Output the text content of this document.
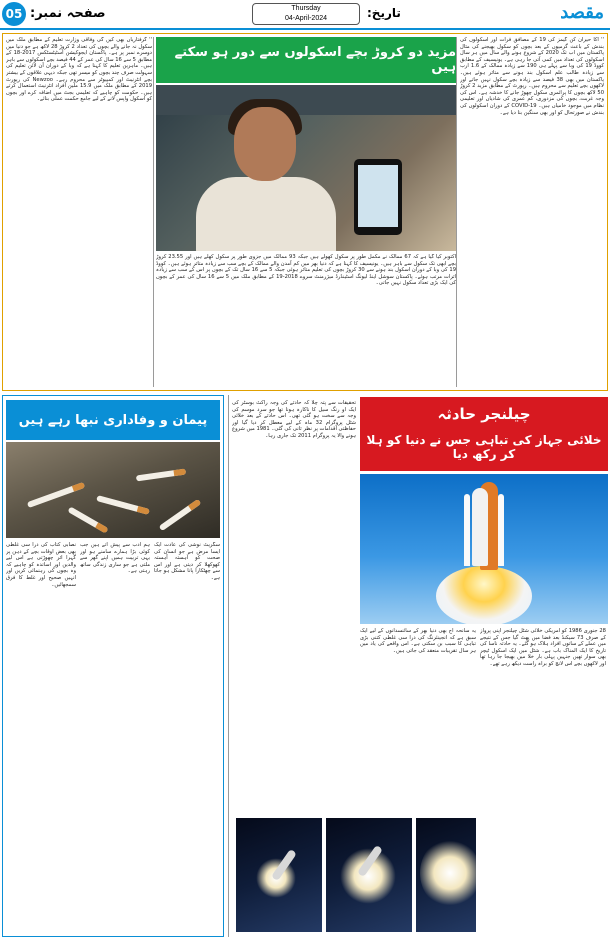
05 صفحہ نمبر:	Thursday
04-April-2024	تاریخ:	مقصد
مزید دو کروڑ بچے اسکولوں سے دور ہو سکتے ہیں
'' اکا حیران کن گیمز کی 19 کے مصافق فرات اور اسکولوں کی بندش کے باعث گرمیوں کے بعد بچوں کو سکول بھیجنے کی مثال پاکستان میں اب تک 2020 کے شروع ہونے والے سال میں ہر سال اسکولوں کی تعداد میں کمی آتی جا رہی ہے۔ یونیسیف کے مطابق کووڈ 19 کی وبا سے پہلے ہی 190 سے زیادہ ممالک کے 1.6 ارب سے زیادہ طالب علم اسکول بند ہونے سے متاثر ہوئے ہیں۔ پاکستان میں بھی 38 فیصد سے زیادہ بچے سکول نہیں جاتے اور لاکھوں بچے تعلیم سے محروم ہیں۔ رپورٹ کے مطابق مزید 2 کروڑ 50 لاکھ بچوں کا پرائمری سکول چھوڑ جانے کا خدشہ ہے۔ اس کی وجہ غربت، بچوں کی مزدوری، کم عمری کی شادیاں اور تعلیمی نظام میں موجود خامیاں ہیں۔ COVID-19 کے دوران اسکولوں کی بندش نے صورتحال کو اور بھی سنگین بنا دیا ہے۔
'' گرفتاریاں بھی کیں گی وفاقی وزارت تعلیم کے مطابق ملک میں سکول نہ جانے والے بچوں کی تعداد 2 کروڑ 28 لاکھ ہے جو دنیا میں دوسرے نمبر پر ہے۔ پاکستان ایجوکیشن اسٹیٹسٹکس 2017-18 کے مطابق 5 سے 16 سال کی عمر کے 44 فیصد بچے اسکولوں سے باہر ہیں۔ ماہرین تعلیم کا کہنا ہے کہ وبا کے دوران آن لائن تعلیم کی سہولت صرف چند بچوں کو میسر تھی جبکہ دیہی علاقوں کے بیشتر بچے انٹرنیٹ اور کمپیوٹر سے محروم رہے۔ Newzoo کی رپورٹ 2019 کے مطابق ملک میں 15.9 ملین افراد انٹرنیٹ استعمال کرتے ہیں۔ حکومت کو چاہیے کہ تعلیمی بجٹ میں اضافہ کرے اور بچوں کو اسکول واپس لانے کے لیے جامع حکمت عملی بنائے۔
اکتوبر کیا گیا ہے کہ 67 ممالک نے مکمل طور پر سکول کھولے ہیں جبکہ 93 ممالک میں جزوی طور پر سکول کھلے ہیں اور 23.55 کروڑ بچے ابھی تک سکول سے باہر ہیں۔ یونیسیف کا کہنا ہے کہ دنیا بھر میں کم آمدن والے ممالک کے بچے سب سے زیادہ متاثر ہوئے ہیں۔ کووڈ 19 کی وبا کے دوران اسکول بند ہونے سے 30 کروڑ بچوں کی تعلیم متاثر ہوئی جبکہ 5 سے 16 سال تک کے بچوں پر اس کے سب سے زیادہ اثرات مرتب ہوئے۔ پاکستان سوشل اینڈ لیونگ اسٹینڈرڈ میژرمنٹ سروے 2018-19 کے مطابق ملک میں 5 سے 16 سال کی عمر کے بچوں کی ایک بڑی تعداد سکول نہیں جاتی۔
پیمان و وفاداری نبھا رہے ہیں
سگریٹ نوشی کی عادت ایک ایسا مرض ہے جو انسان کی صحت کو آہستہ آہستہ کھوکھلا کر دیتی ہے اور اس سے چھٹکارا پانا مشکل ہو جاتا ہے۔
ہم ادب سے پیش آتے ہیں جب کوئی بڑا ہمارے سامنے ہو اور یہی تربیت ہمیں اپنے گھر سے ملتی ہے جو ساری زندگی ساتھ رہتی ہے۔
نصابی کتاب کی ذرا سی غلطی بھی بعض اوقات بچے کے ذہن پر گہرا اثر چھوڑتی ہے اس لیے والدین اور اساتذہ کو چاہیے کہ وہ بچوں کی رہنمائی کریں اور انہیں صحیح اور غلط کا فرق سمجھائیں۔
چیلنجر حادثہ
خلائی جہاز کی تباہی جس نے دنیا کو ہلا کر رکھ دیا
تحقیقات سے پتہ چلا کہ حادثے کی وجہ راکٹ بوسٹر کی ایک او رنگ سیل کا ناکارہ ہونا تھا جو سرد موسم کی وجہ سے سخت ہو گئی تھی۔ اس حادثے کے بعد خلائی شٹل پروگرام 32 ماہ کے لیے معطل کر دیا گیا اور حفاظتی اقدامات پر نظر ثانی کی گئی۔ 1981 میں شروع ہونے والا یہ پروگرام 2011 تک جاری رہا۔
28 جنوری 1986 کو امریکی خلائی شٹل چیلنجر اپنی پرواز کے صرف 73 سیکنڈ بعد فضا میں پھٹ گیا جس کے نتیجے میں عملے کے ساتوں افراد ہلاک ہو گئے۔ یہ حادثہ ناسا کی تاریخ کا ایک المناک باب ہے۔ شٹل میں ایک اسکول ٹیچر بھی سوار تھیں جنہیں پہلی بار خلا میں بھیجا جا رہا تھا اور لاکھوں بچے اس لانچ کو براہ راست دیکھ رہے تھے۔
یہ سانحہ آج بھی دنیا بھر کے سائنسدانوں کے لیے ایک سبق ہے کہ انجینئرنگ کی ذرا سی غلطی کتنی بڑی تباہی کا سبب بن سکتی ہے۔ اس واقعے کی یاد میں ہر سال تقریبات منعقد کی جاتی ہیں۔
